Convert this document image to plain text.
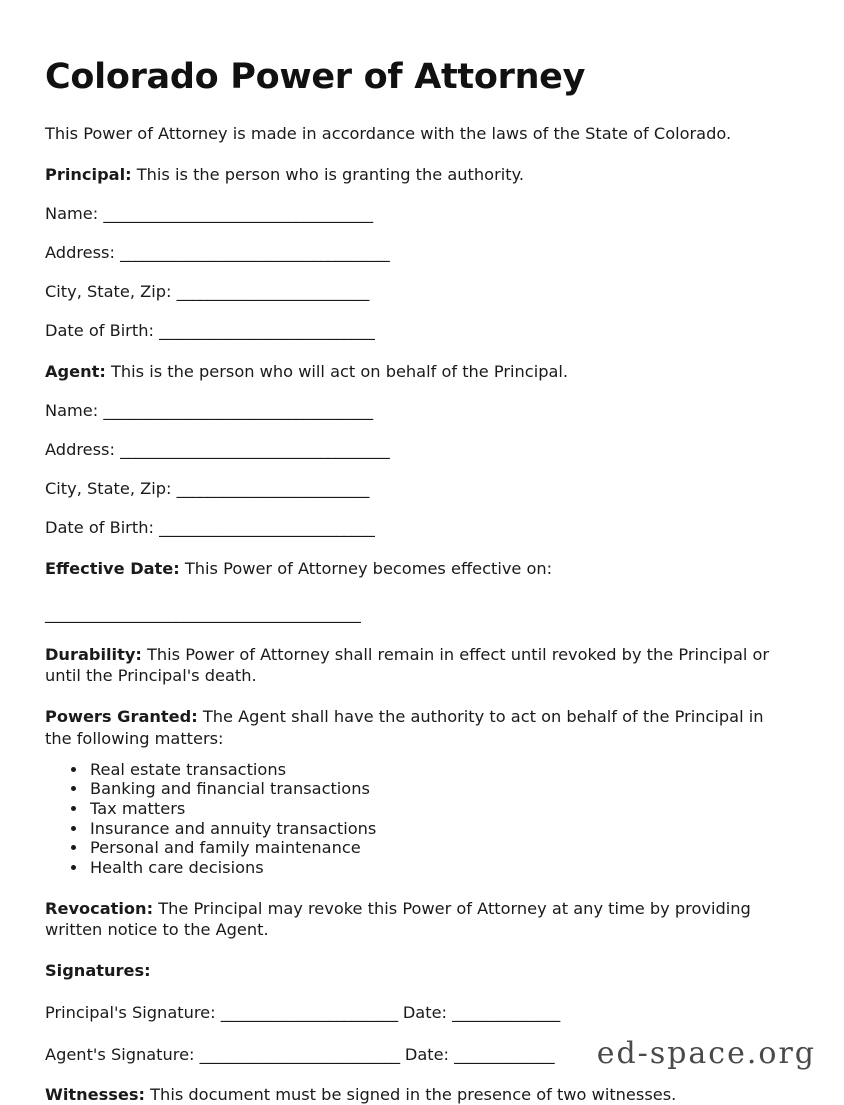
Colorado Power of Attorney

This Power of Attorney is made in accordance with the laws of the State of Colorado.

Principal: This is the person who is granting the authority.

Name: ___________________________________
Address: ___________________________________
City, State, Zip: _________________________
Date of Birth: ____________________________

Agent: This is the person who will act on behalf of the Principal.

Name: ___________________________________
Address: ___________________________________
City, State, Zip: _________________________
Date of Birth: ____________________________

Effective Date: This Power of Attorney becomes effective on:

_________________________________________

Durability: This Power of Attorney shall remain in effect until revoked by the Principal or until the Principal's death.

Powers Granted: The Agent shall have the authority to act on behalf of the Principal in the following matters:

• Real estate transactions
• Banking and financial transactions
• Tax matters
• Insurance and annuity transactions
• Personal and family maintenance
• Health care decisions

Revocation: The Principal may revoke this Power of Attorney at any time by providing written notice to the Agent.

Signatures:

Principal's Signature: _______________________ Date: ______________
Agent's Signature: __________________________ Date: _____________

Witnesses: This document must be signed in the presence of two witnesses.

ed-space.org
